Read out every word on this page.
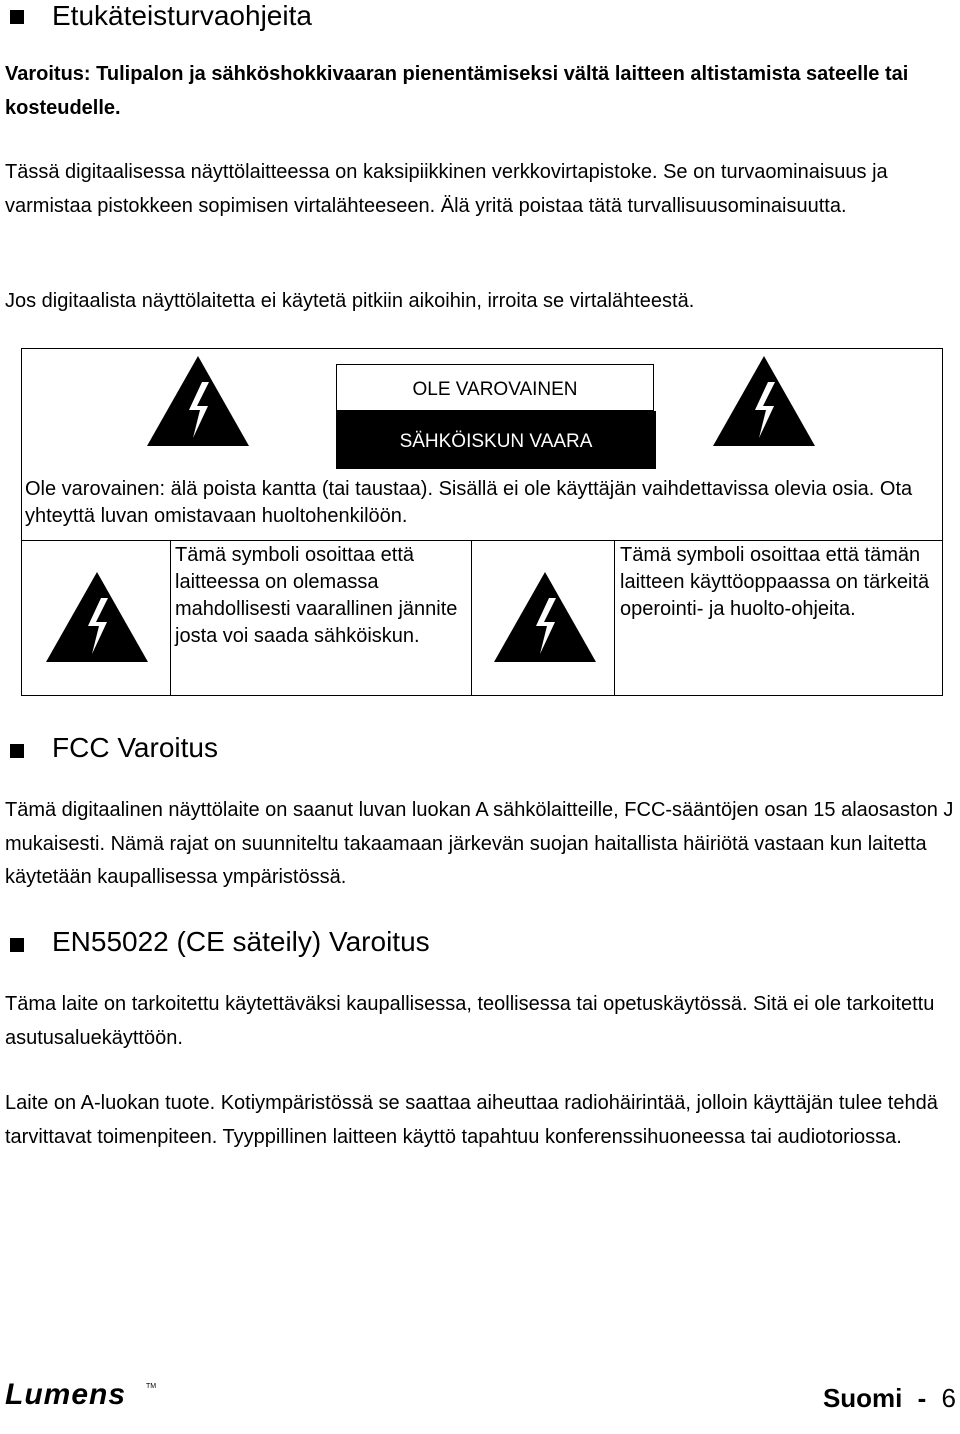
Etukäteisturvaohjeita
Varoitus: Tulipalon ja sähköshokkivaaran pienentämiseksi vältä laitteen altistamista sateelle tai kosteudelle.
Tässä digitaalisessa näyttölaitteessa on kaksipiikkinen verkkovirtapistoke. Se on turvaominaisuus ja varmistaa pistokkeen sopimisen virtalähteeseen. Älä yritä poistaa tätä turvallisuusominaisuutta.
Jos digitaalista näyttölaitetta ei käytetä pitkiin aikoihin, irroita se virtalähteestä.
OLE VAROVAINEN
SÄHKÖISKUN VAARA
Ole varovainen: älä poista kantta (tai taustaa). Sisällä ei ole käyttäjän vaihdettavissa olevia osia. Ota yhteyttä luvan omistavaan huoltohenkilöön.
Tämä symboli osoittaa että laitteessa on olemassa mahdollisesti vaarallinen jännite josta voi saada sähköiskun.
Tämä symboli osoittaa että tämän laitteen käyttöoppaassa on tärkeitä operointi- ja huolto-ohjeita.
FCC Varoitus
Tämä digitaalinen näyttölaite on saanut luvan luokan A sähkölaitteille, FCC-sääntöjen osan 15 alaosaston J mukaisesti. Nämä rajat on suunniteltu takaamaan järkevän suojan haitallista häiriötä vastaan kun laitetta käytetään kaupallisessa ympäristössä.
EN55022 (CE säteily) Varoitus
Täma laite on tarkoitettu käytettäväksi kaupallisessa, teollisessa tai opetuskäytössä. Sitä ei ole tarkoitettu asutusaluekäyttöön.
Laite on A-luokan tuote. Kotiympäristössä se saattaa aiheuttaa radiohäirintää, jolloin käyttäjän tulee tehdä tarvittavat toimenpiteen. Tyyppillinen laitteen käyttö tapahtuu konferenssihuoneessa tai audiotoriossa.
Lumens	TM	Suomi - 6
